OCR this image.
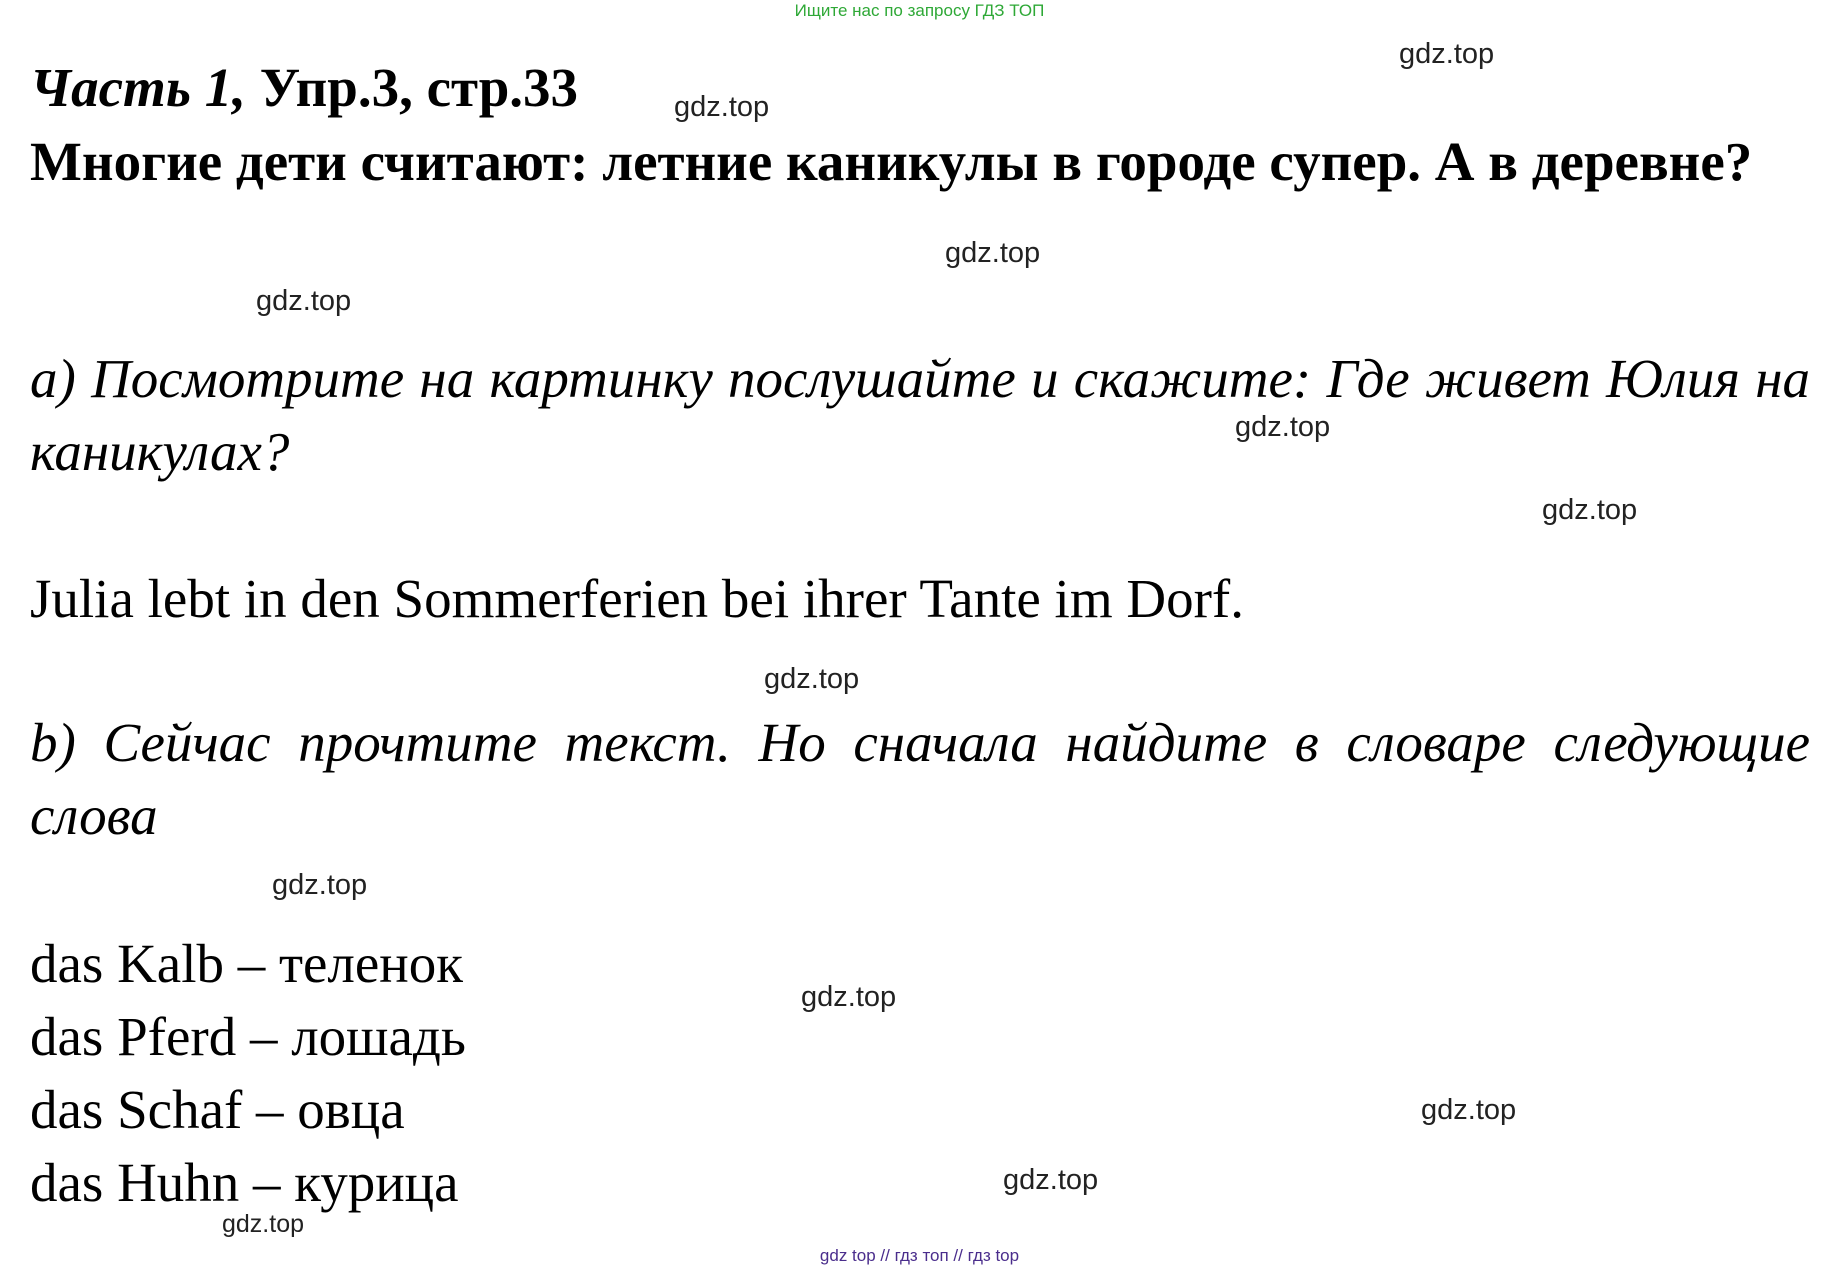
Ищите нас по запросу ГДЗ ТОП
Часть 1, Упр.3, стр.33

Многие дети считают: летние каникулы в городе супер. А в деревне?

a) Посмотрите на картинку послушайте и скажите: Где живет Юлия на каникулах?

Julia lebt in den Sommerferien bei ihrer Tante im Dorf.

b) Сейчас прочтите текст. Но сначала найдите в словаре следующие слова

das Kalb – теленок
das Pferd – лошадь
das Schaf – овца
das Huhn – курица
gdz.top
gdz.top
gdz.top
gdz.top
gdz.top
gdz.top
gdz.top
gdz.top
gdz.top
gdz.top
gdz.top
gdz.top
gdz top // гдз топ // гдз top
